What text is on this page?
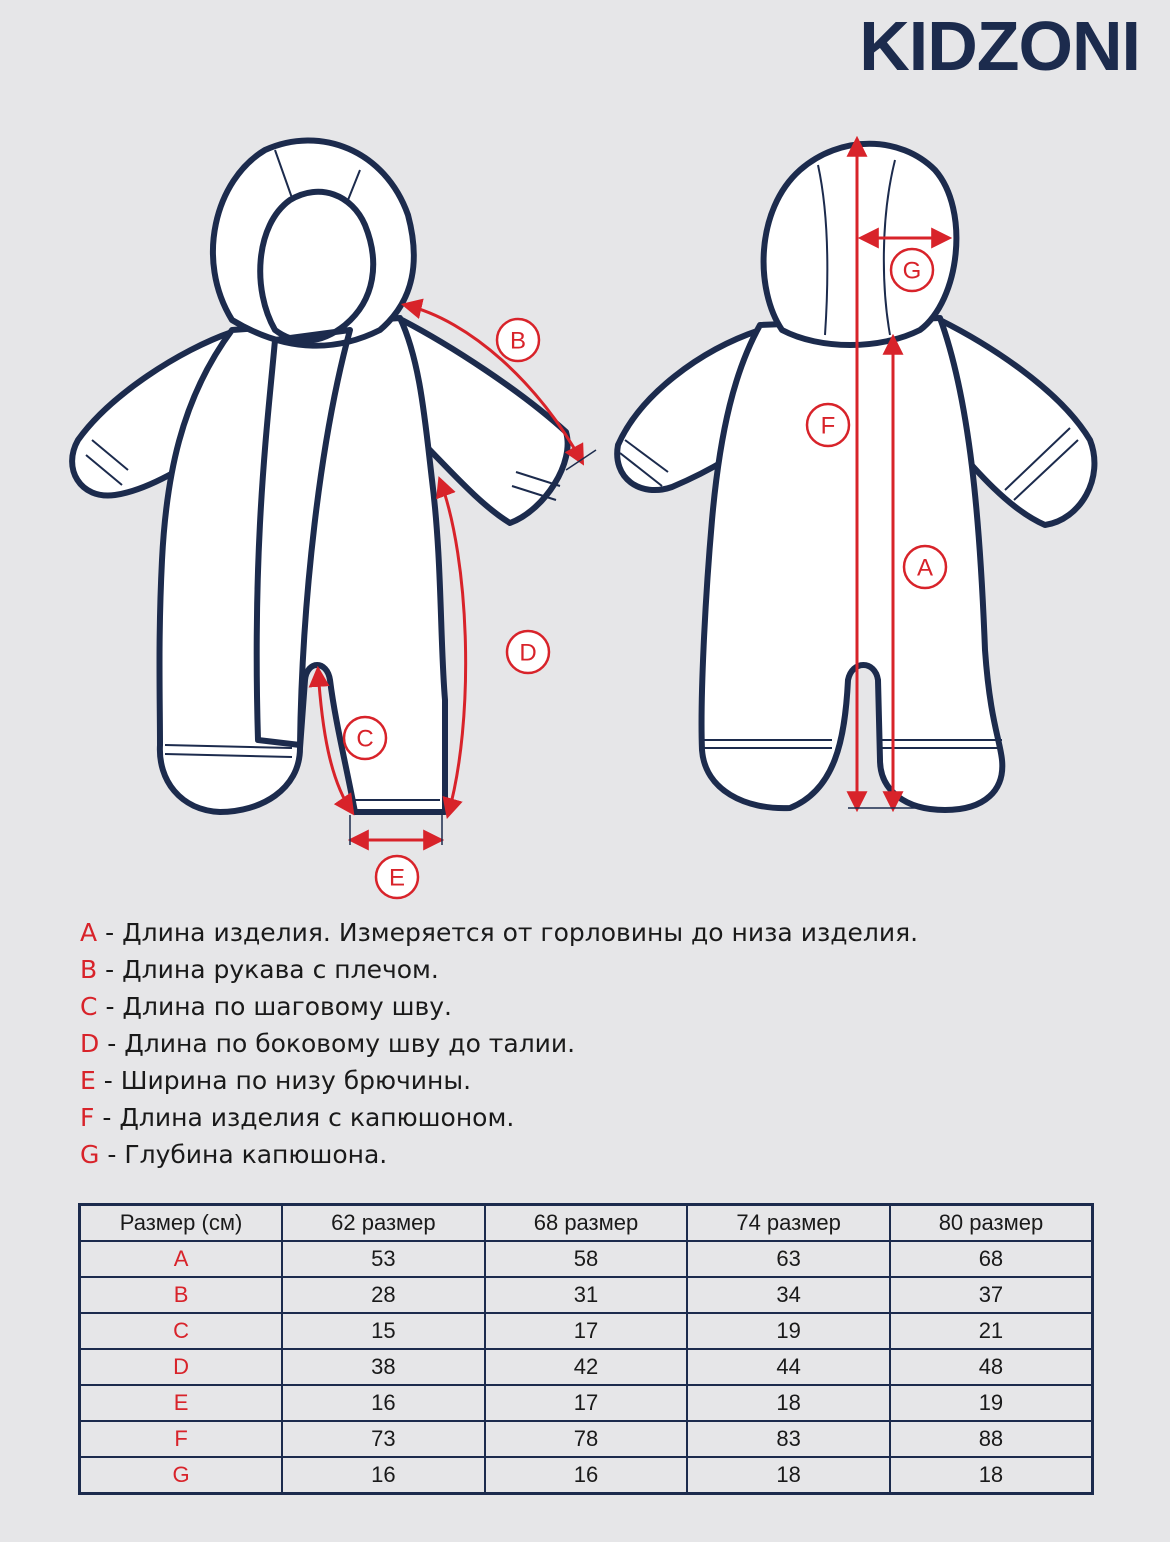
KIDZONI
B
D
C
E
F
A
G
A - Длина изделия. Измеряется от горловины до низа изделия.
B - Длина рукава с плечом.
C - Длина по шаговому шву.
D - Длина по боковому шву до талии.
E - Ширина по низу брючины.
F - Длина изделия с капюшоном.
G - Глубина капюшона.
Размер (см)	62 размер	68 размер	74 размер	80 размер
A	53	58	63	68
B	28	31	34	37
C	15	17	19	21
D	38	42	44	48
E	16	17	18	19
F	73	78	83	88
G	16	16	18	18
